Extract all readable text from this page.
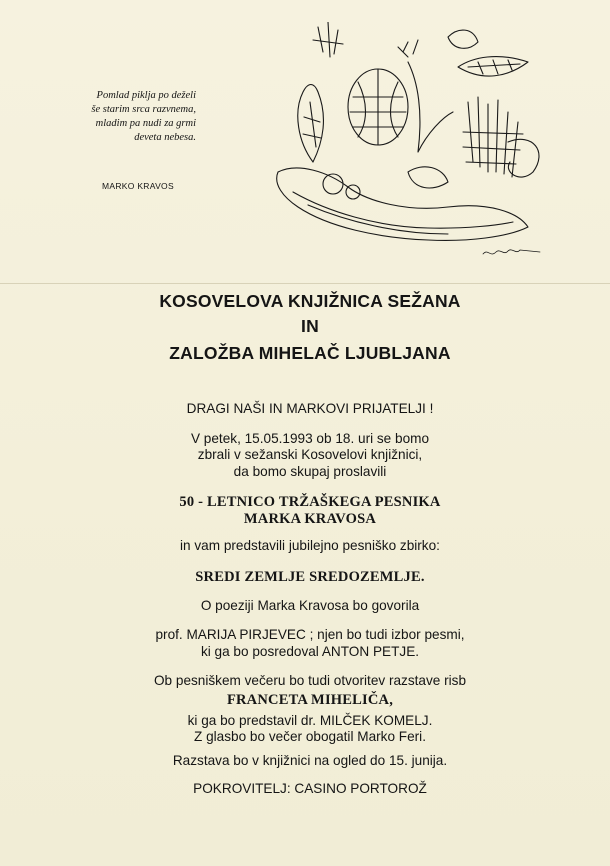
Pomlad piklja po deželi
še starim srca razvnema,
mladim pa nudi za grmi
deveta nebesa.
MARKO KRAVOS
KOSOVELOVA KNJIŽNICA SEŽANA
IN
ZALOŽBA MIHELAČ LJUBLJANA
DRAGI NAŠI IN MARKOVI PRIJATELJI !
V petek, 15.05.1993 ob 18. uri se bomo
zbrali v sežanski Kosovelovi knjižnici,
da bomo skupaj proslavili
50 - LETNICO TRŽAŠKEGA PESNIKA
MARKA KRAVOSA
in vam predstavili jubilejno pesniško zbirko:
SREDI ZEMLJE SREDOZEMLJE.
O poeziji Marka Kravosa bo govorila
prof. MARIJA PIRJEVEC ; njen bo tudi izbor pesmi,
ki ga bo posredoval ANTON PETJE.
Ob pesniškem večeru bo tudi otvoritev razstave risb
FRANCETA MIHELIČA,
ki ga bo predstavil dr. MILČEK KOMELJ.
Z glasbo bo večer obogatil Marko Feri.
Razstava bo v knjižnici na ogled do 15. junija.
POKROVITELJ: CASINO PORTOROŽ
